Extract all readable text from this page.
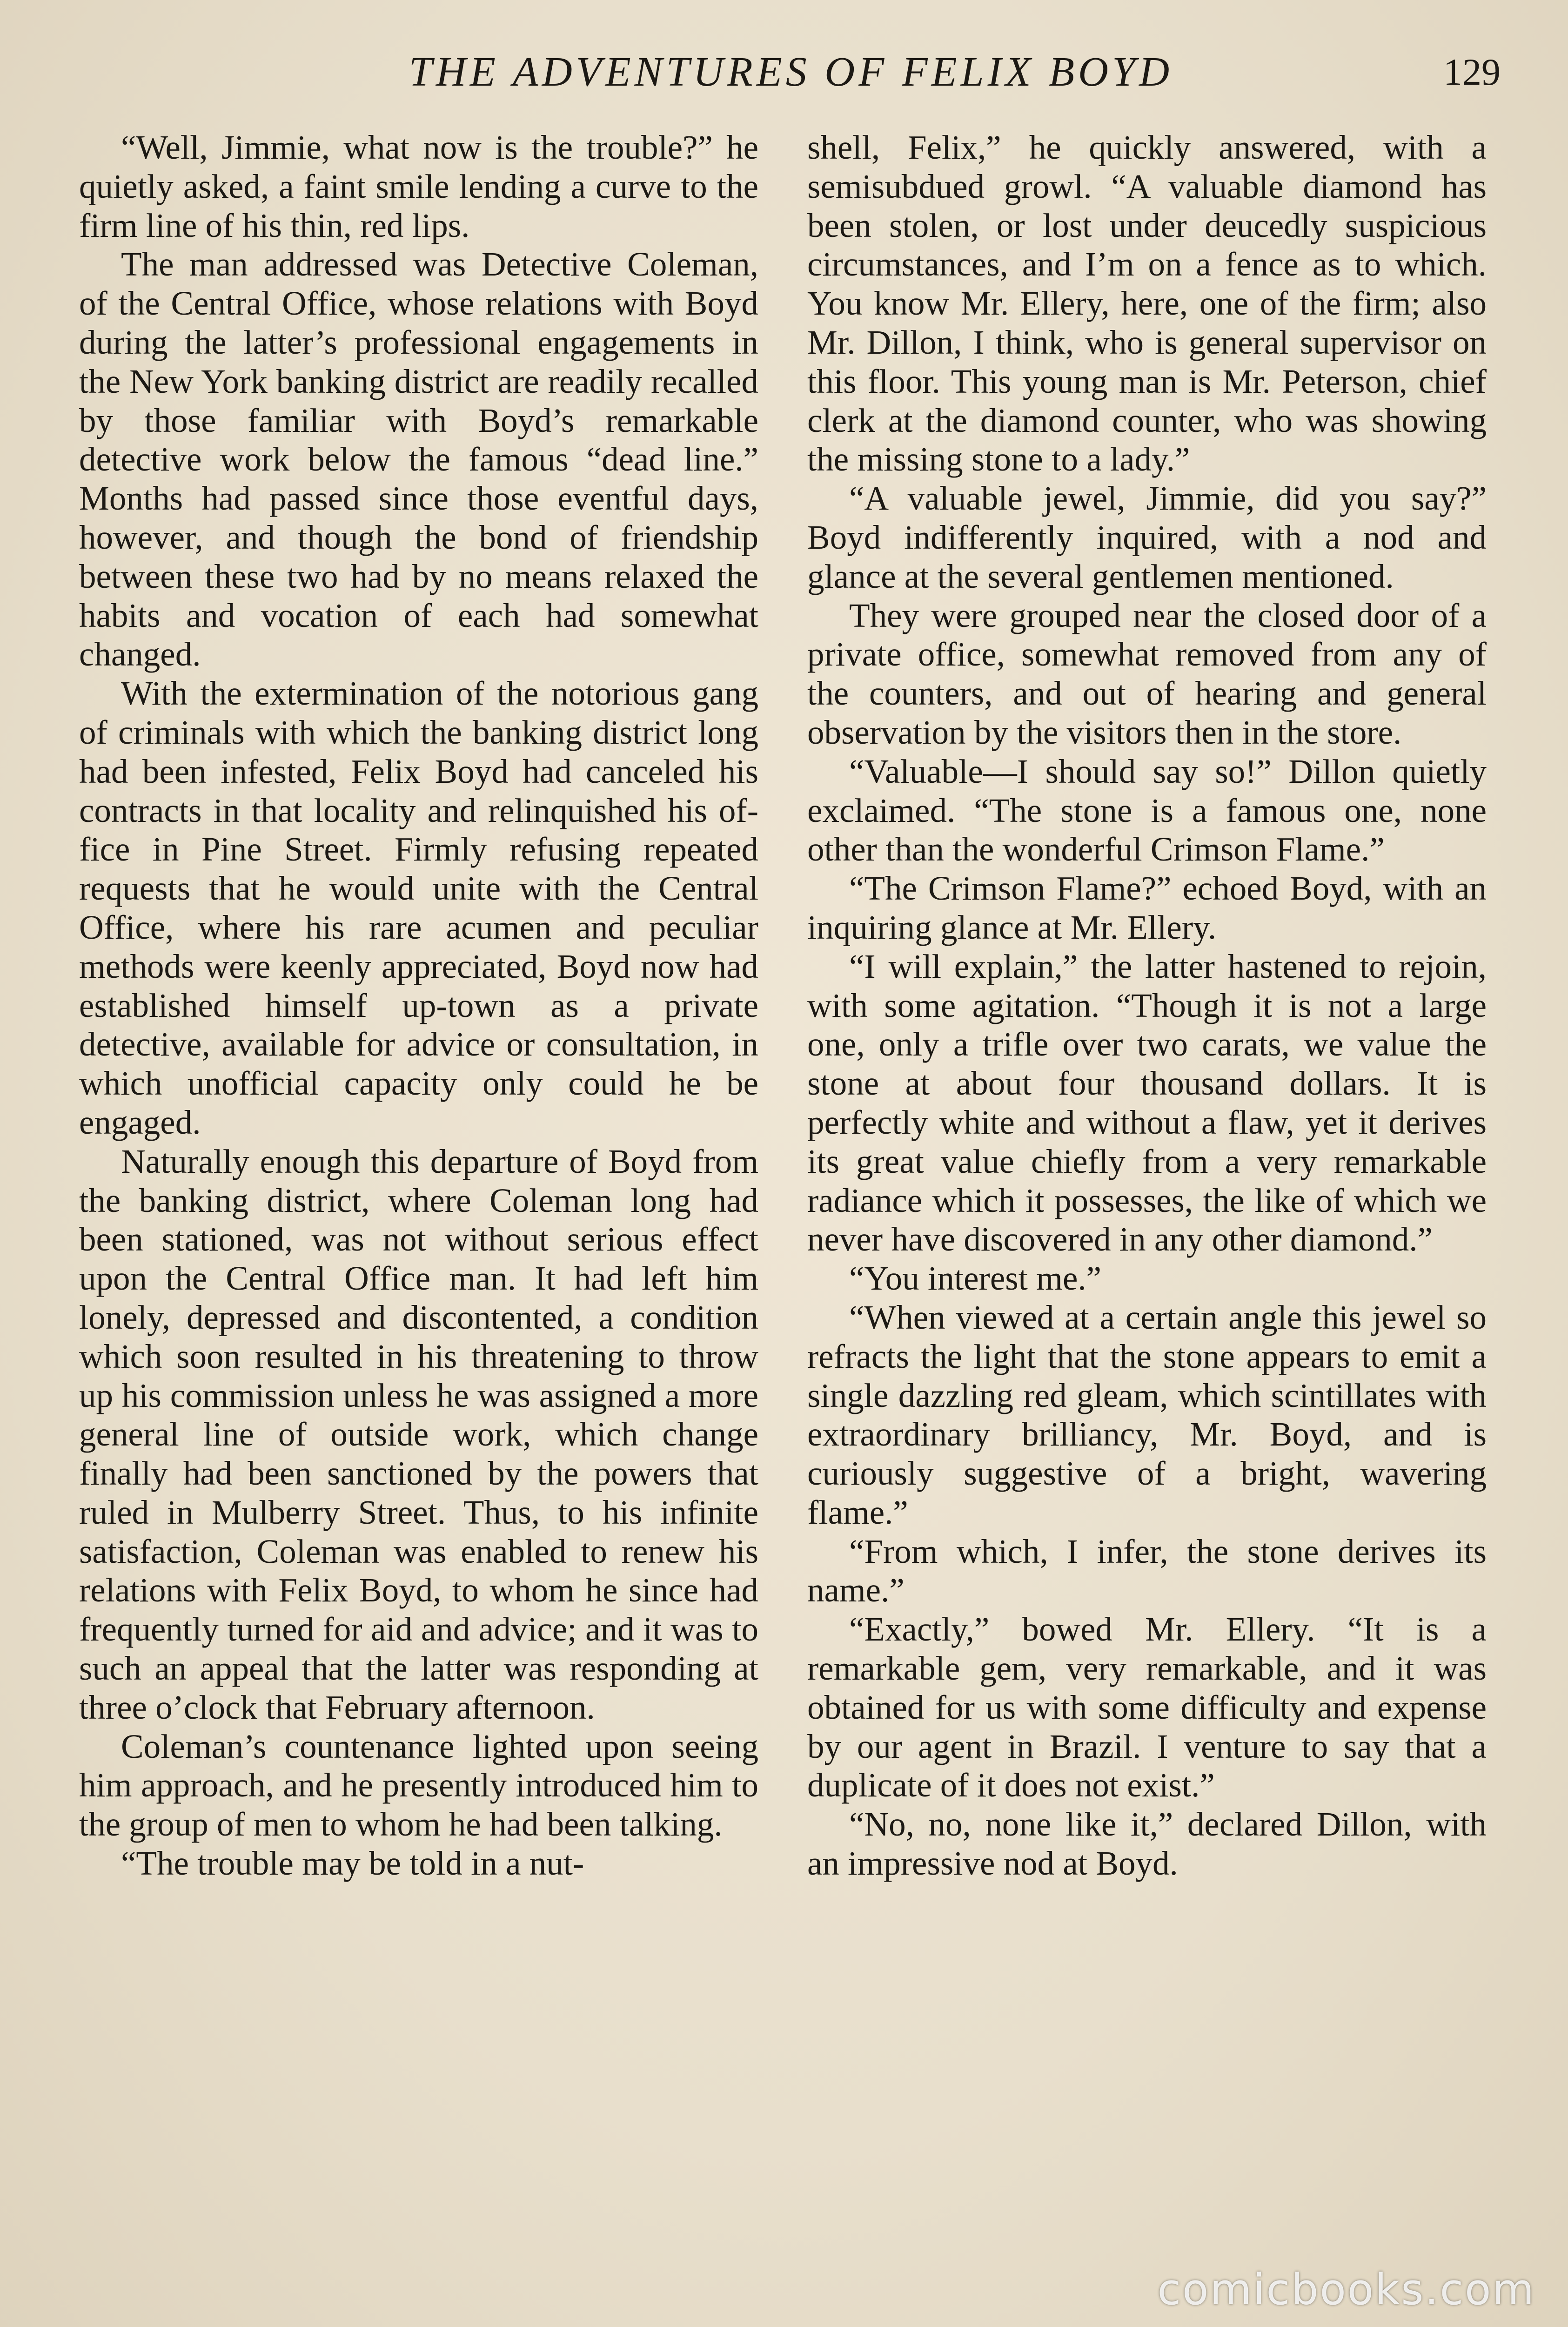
THE ADVENTURES OF FELIX BOYD	129

“Well, Jimmie, what now is the trouble?” he quietly asked, a faint smile lending a curve to the firm line of his thin, red lips.

The man addressed was Detective Coleman, of the Central Office, whose relations with Boyd during the latter’s professional engagements in the New York banking district are readily recalled by those familiar with Boyd’s remarkable detective work below the famous “dead line.” Months had passed since those eventful days, however, and though the bond of friendship between these two had by no means relaxed the habits and vocation of each had somewhat changed.

With the extermination of the notorious gang of criminals with which the banking district long had been infested, Felix Boyd had canceled his contracts in that locality and relinquished his office in Pine Street. Firmly refusing repeated requests that he would unite with the Central Office, where his rare acumen and peculiar methods were keenly appreciated, Boyd now had established himself up-town as a private detective, available for advice or consultation, in which unofficial capacity only could he be engaged.

Naturally enough this departure of Boyd from the banking district, where Coleman long had been stationed, was not without serious effect upon the Central Office man. It had left him lonely, depressed and discontented, a condition which soon resulted in his threatening to throw up his commission unless he was assigned a more general line of outside work, which change finally had been sanctioned by the powers that ruled in Mulberry Street. Thus, to his infinite satisfaction, Coleman was enabled to renew his relations with Felix Boyd, to whom he since had frequently turned for aid and advice; and it was to such an appeal that the latter was responding at three o’clock that February afternoon.

Coleman’s countenance lighted upon seeing him approach, and he presently introduced him to the group of men to whom he had been talking.

“The trouble may be told in a nut-

shell, Felix,” he quickly answered, with a semisubdued growl. “A valuable diamond has been stolen, or lost under deucedly suspicious circumstances, and I’m on a fence as to which. You know Mr. Ellery, here, one of the firm; also Mr. Dillon, I think, who is general supervisor on this floor. This young man is Mr. Peterson, chief clerk at the diamond counter, who was showing the missing stone to a lady.”

“A valuable jewel, Jimmie, did you say?” Boyd indifferently inquired, with a nod and glance at the several gentlemen mentioned.

They were grouped near the closed door of a private office, somewhat removed from any of the counters, and out of hearing and general observation by the visitors then in the store.

“Valuable—I should say so!” Dillon quietly exclaimed. “The stone is a famous one, none other than the wonderful Crimson Flame.”

“The Crimson Flame?” echoed Boyd, with an inquiring glance at Mr. Ellery.

“I will explain,” the latter hastened to rejoin, with some agitation. “Though it is not a large one, only a trifle over two carats, we value the stone at about four thousand dollars. It is perfectly white and without a flaw, yet it derives its great value chiefly from a very remarkable radiance which it possesses, the like of which we never have discovered in any other diamond.”

“You interest me.”

“When viewed at a certain angle this jewel so refracts the light that the stone appears to emit a single dazzling red gleam, which scintillates with extraordinary brilliancy, Mr. Boyd, and is curiously suggestive of a bright, wavering flame.”

“From which, I infer, the stone derives its name.”

“Exactly,” bowed Mr. Ellery. “It is a remarkable gem, very remarkable, and it was obtained for us with some difficulty and expense by our agent in Brazil. I venture to say that a duplicate of it does not exist.”

“No, no, none like it,” declared Dillon, with an impressive nod at Boyd.

comicbooks.com
